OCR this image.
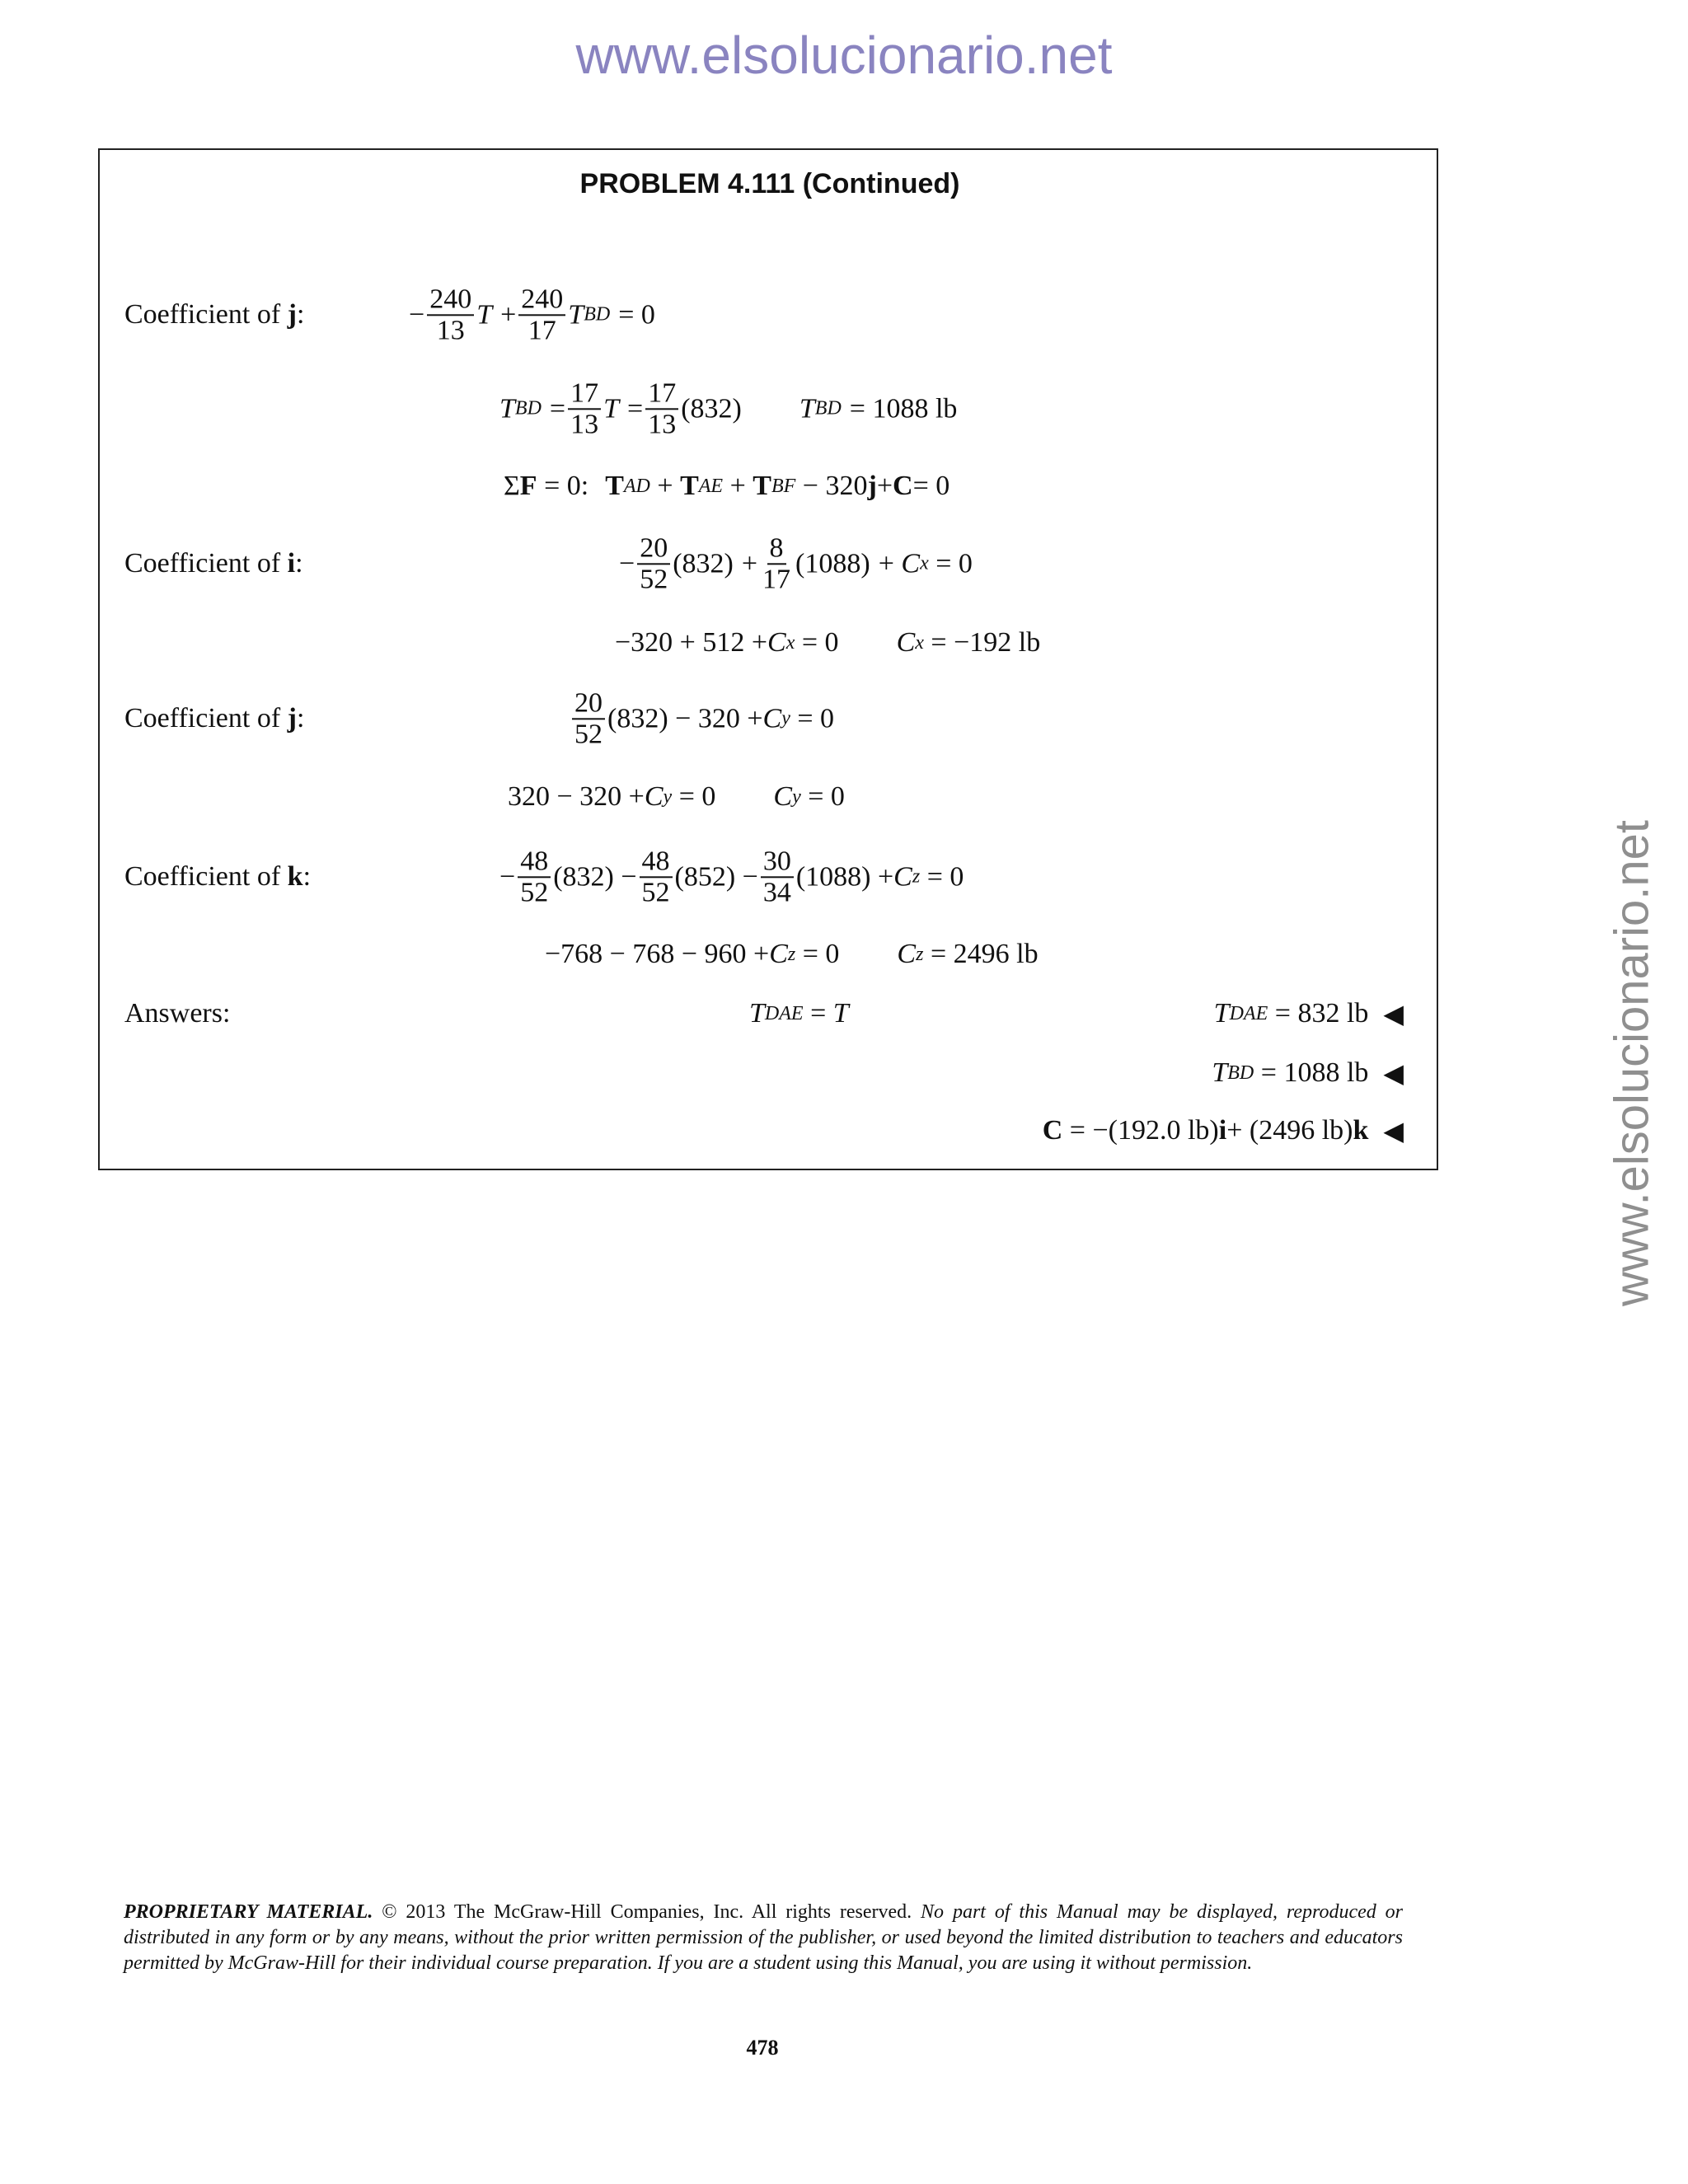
www.elsolucionario.net
www.elsolucionario.net
PROBLEM 4.111 (Continued)
Coefficient of j:	− $\frac{240}{13}$ $T + \frac{240}{17}$ T BD = 0
T BD = $\frac{17}{13}$ $T = \frac{17}{13} (832)$ T BD = 1088 lb
Σ F = 0: T AD + T AE + T BF − 320 j + C = 0
Coefficient of i:	− $\frac{20}{52} (832) + \frac{8}{17} (1088) + C$ x = 0
−320 + 512 + C x = 0 C x = −192 lb
Coefficient of j:	$\frac{20}{52} (832) - 320 + C$ y = 0
320 − 320 + C y = 0 C y = 0
Coefficient of k:	− $\frac{48}{52} (832) - \frac{48}{52} (852) - \frac{30}{34} (1088) + C$ z = 0
−768 − 768 − 960 + C z = 0 C z = 2496 lb
Answers:	T DAE = T	T DAE = 832 lb ◀
T BD = 1088 lb ◀
C = −(192.0 lb) i + (2496 lb) k ◀
PROPRIETARY MATERIAL. © 2013 The McGraw-Hill Companies, Inc. All rights reserved. No part of this Manual may be displayed, reproduced or distributed in any form or by any means, without the prior written permission of the publisher, or used beyond the limited distribution to teachers and educators permitted by McGraw-Hill for their individual course preparation. If you are a student using this Manual, you are using it without permission.
478
